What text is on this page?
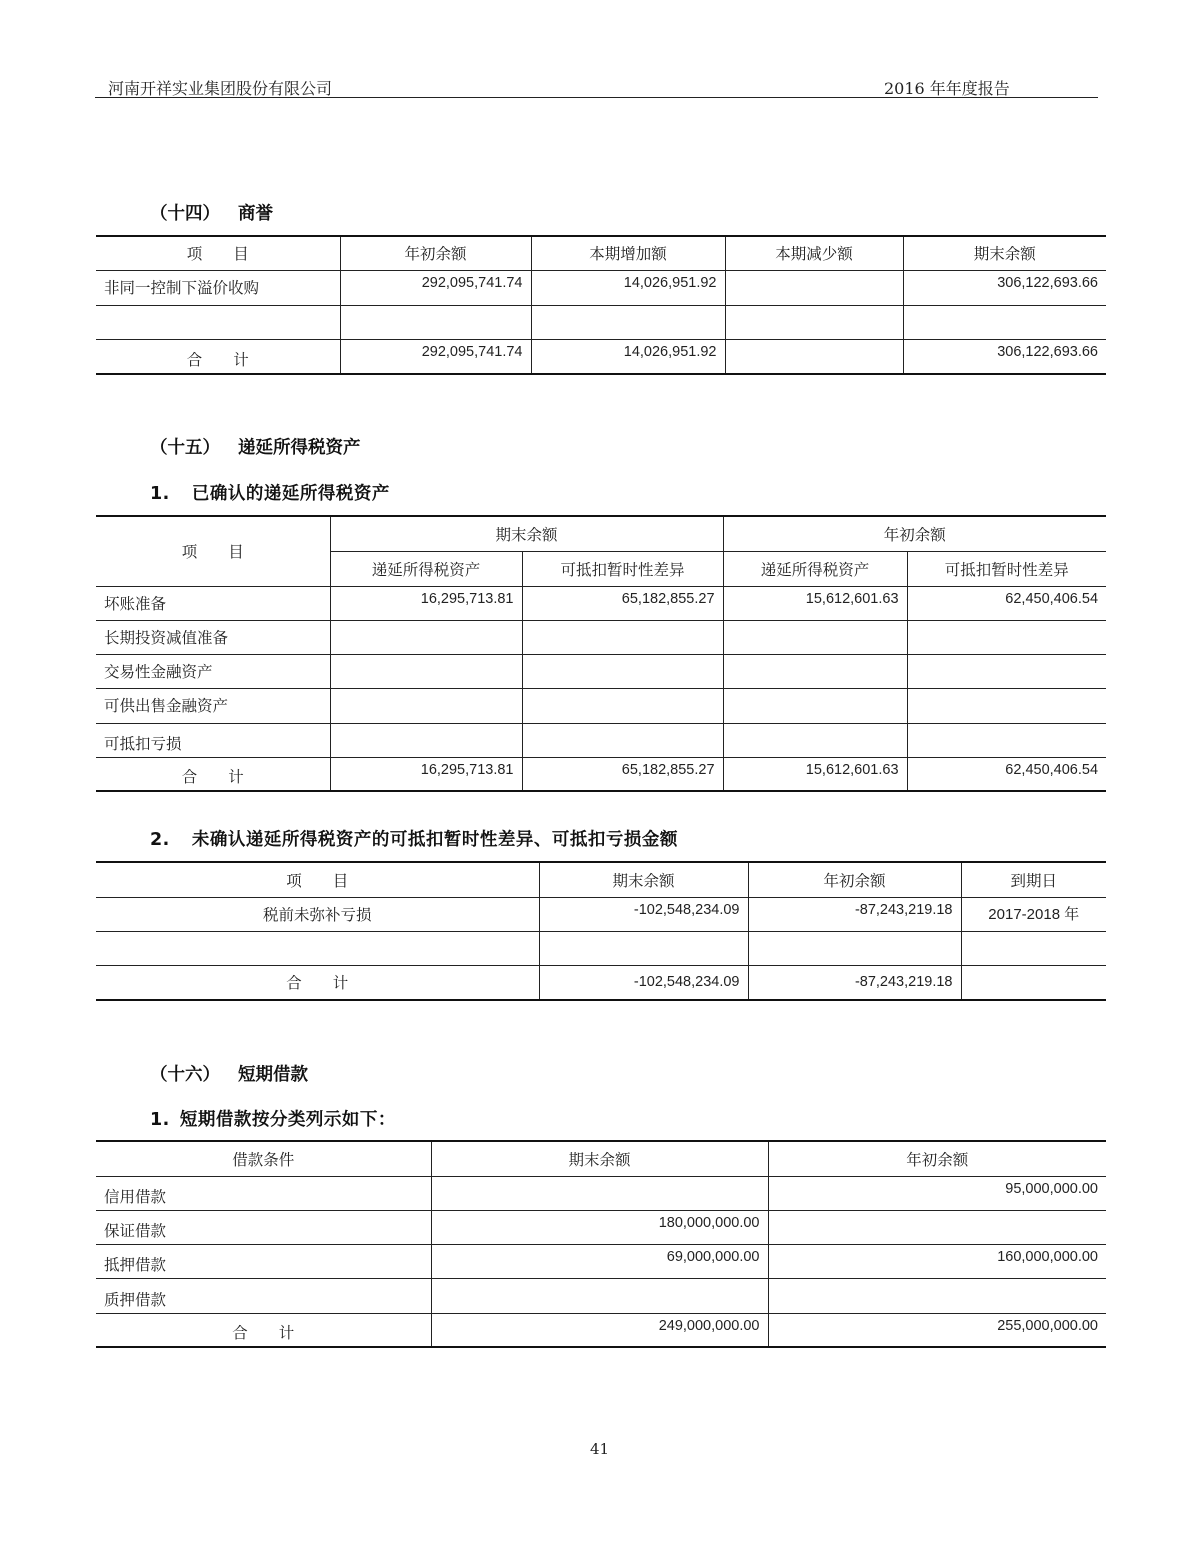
河南开祥实业集团股份有限公司	2016 年年度报告
（十四） 商誉
项　　目	年初余额	本期增加额	本期减少额	期末余额
非同一控制下溢价收购	292,095,741.74	14,026,951.92		306,122,693.66

合　　计	292,095,741.74	14,026,951.92		306,122,693.66
（十五） 递延所得税资产
1. 已确认的递延所得税资产
项　　目	期末余额		年初余额	
	递延所得税资产	可抵扣暂时性差异	递延所得税资产	可抵扣暂时性差异
坏账准备	16,295,713.81	65,182,855.27	15,612,601.63	62,450,406.54
长期投资减值准备				
交易性金融资产				
可供出售金融资产				
可抵扣亏损				
合　　计	16,295,713.81	65,182,855.27	15,612,601.63	62,450,406.54
2. 未确认递延所得税资产的可抵扣暂时性差异、可抵扣亏损金额
项　　目	期末余额	年初余额	到期日
税前未弥补亏损	-102,548,234.09	-87,243,219.18	2017-2018 年

合　　计	-102,548,234.09	-87,243,219.18	
（十六） 短期借款
1. 短期借款按分类列示如下：
借款条件	期末余额	年初余额
信用借款		95,000,000.00
保证借款	180,000,000.00	
抵押借款	69,000,000.00	160,000,000.00
质押借款		
合　　计	249,000,000.00	255,000,000.00
41
